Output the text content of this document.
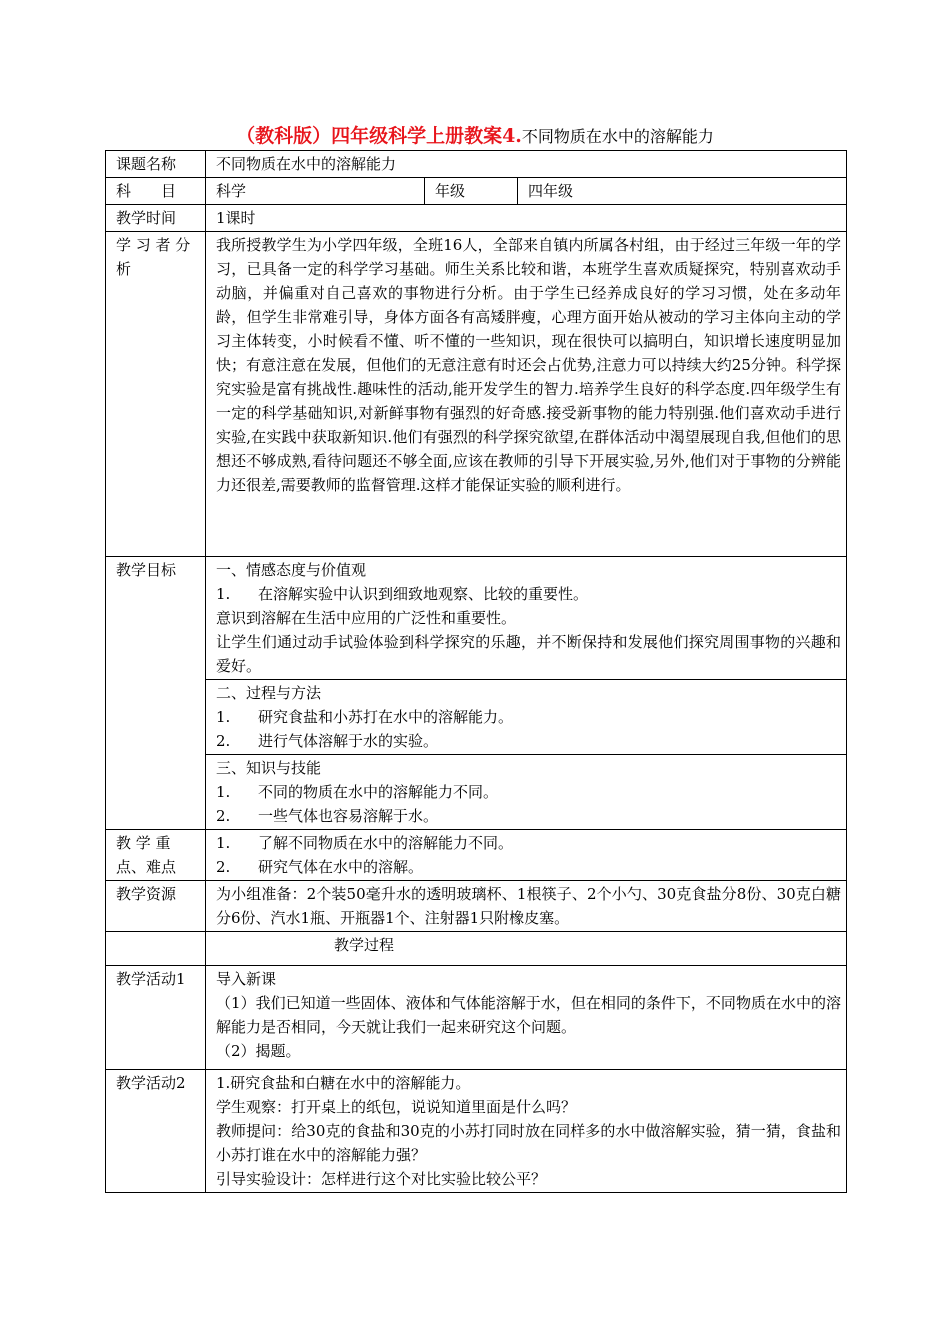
（教科版）四年级科学上册教案4.不同物质在水中的溶解能力
课题名称	不同物质在水中的溶解能力		
科　　目	科学	年级	四年级
教学时间	1课时		
学 习 者 分析	我所授教学生为小学四年级，全班16人，全部来自镇内所属各村组，由于经过三年级一年的学习，已具备一定的科学学习基础。师生关系比较和谐，本班学生喜欢质疑探究，特别喜欢动手动脑，并偏重对自己喜欢的事物进行分析。由于学生已经养成良好的学习习惯，处在多动年龄，但学生非常难引导，身体方面各有高矮胖瘦，心理方面开始从被动的学习主体向主动的学习主体转变，小时候看不懂、听不懂的一些知识，现在很快可以搞明白，知识增长速度明显加快；有意注意在发展，但他们的无意注意有时还会占优势,注意力可以持续大约25分钟。科学探究实验是富有挑战性.趣味性的活动,能开发学生的智力.培养学生良好的科学态度.四年级学生有一定的科学基础知识,对新鲜事物有强烈的好奇感.接受新事物的能力特别强.他们喜欢动手进行实验,在实践中获取新知识.他们有强烈的科学探究欲望,在群体活动中渴望展现自我,但他们的思想还不够成熟,看待问题还不够全面,应该在教师的引导下开展实验,另外,他们对于事物的分辨能力还很差,需要教师的监督管理.这样才能保证实验的顺利进行。		
教学目标	一、情感态度与价值观

1. 在溶解实验中认识到细致地观察、比较的重要性。

意识到溶解在生活中应用的广泛性和重要性。

让学生们通过动手试验体验到科学探究的乐趣，并不断保持和发展他们探究周围事物的兴趣和爱好。		

	二、过程与方法

1. 研究食盐和小苏打在水中的溶解能力。

2. 进行气体溶解于水的实验。		

	三、知识与技能

1. 不同的物质在水中的溶解能力不同。

2. 一些气体也容易溶解于水。		

教 学 重 点、难点	1. 了解不同物质在水中的溶解能力不同。

2. 研究气体在水中的溶解。		

教学资源	为小组准备：2个装50毫升水的透明玻璃杯、1根筷子、2个小勺、30克食盐分8份、30克白糖分6份、汽水1瓶、开瓶器1个、注射器1只附橡皮塞。		
	教学过程		
教学活动1	导入新课

（1）我们已知道一些固体、液体和气体能溶解于水，但在相同的条件下，不同物质在水中的溶解能力是否相同，今天就让我们一起来研究这个问题。

（2）揭题。		

教学活动2	1.研究食盐和白糖在水中的溶解能力。

学生观察：打开桌上的纸包，说说知道里面是什么吗？

教师提问：给30克的食盐和30克的小苏打同时放在同样多的水中做溶解实验，猜一猜，食盐和小苏打谁在水中的溶解能力强？

引导实验设计：怎样进行这个对比实验比较公平？		
